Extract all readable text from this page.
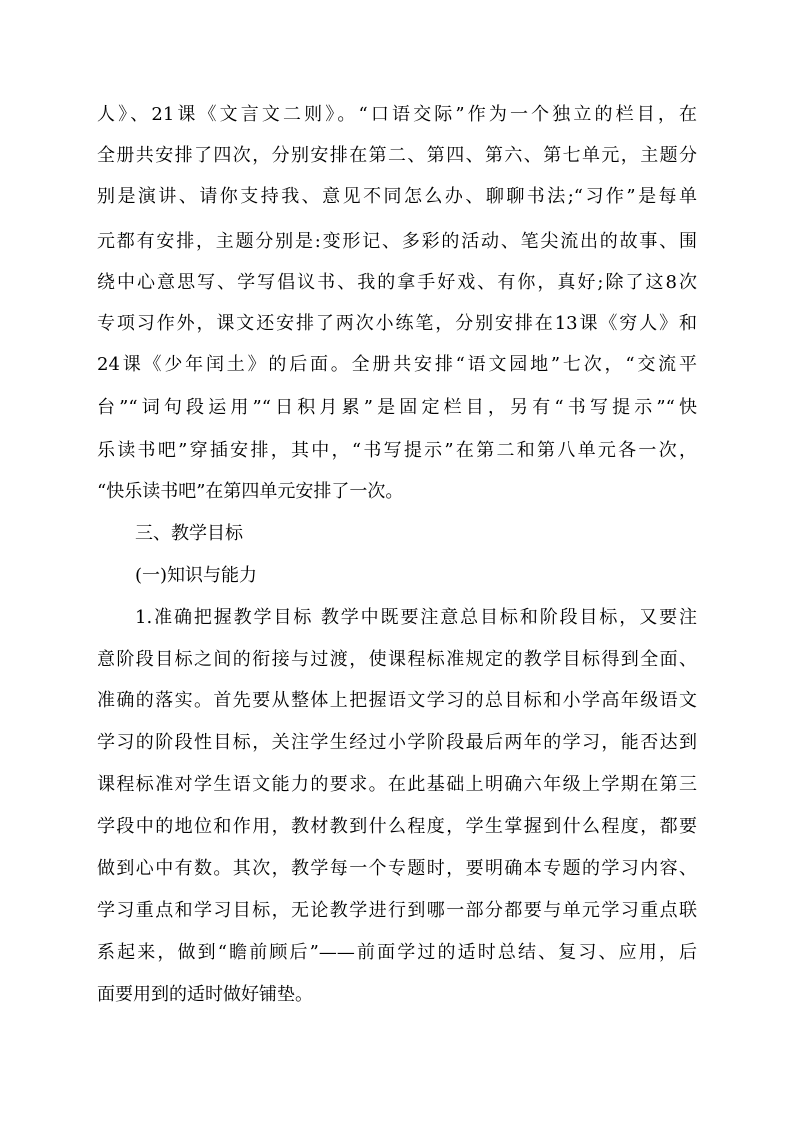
人》、21课《文言文二则》。“口语交际”作为一个独立的栏目，在
全册共安排了四次，分别安排在第二、第四、第六、第七单元，主题分
别是演讲、请你支持我、意见不同怎么办、聊聊书法;“习作”是每单
元都有安排，主题分别是:变形记、多彩的活动、笔尖流出的故事、围
绕中心意思写、学写倡议书、我的拿手好戏、有你，真好;除了这8次
专项习作外，课文还安排了两次小练笔，分别安排在13课《穷人》和
24课《少年闰土》的后面。全册共安排“语文园地”七次，“交流平
台”“词句段运用”“日积月累”是固定栏目，另有“书写提示”“快
乐读书吧”穿插安排，其中，“书写提示”在第二和第八单元各一次，
“快乐读书吧”在第四单元安排了一次。
三、教学目标
(一)知识与能力
1.准确把握教学目标 教学中既要注意总目标和阶段目标，又要注
意阶段目标之间的衔接与过渡，使课程标准规定的教学目标得到全面、
准确的落实。首先要从整体上把握语文学习的总目标和小学高年级语文
学习的阶段性目标，关注学生经过小学阶段最后两年的学习，能否达到
课程标准对学生语文能力的要求。在此基础上明确六年级上学期在第三
学段中的地位和作用，教材教到什么程度，学生掌握到什么程度，都要
做到心中有数。其次，教学每一个专题时，要明确本专题的学习内容、
学习重点和学习目标，无论教学进行到哪一部分都要与单元学习重点联
系起来，做到“瞻前顾后”——前面学过的适时总结、复习、应用，后
面要用到的适时做好铺垫。
